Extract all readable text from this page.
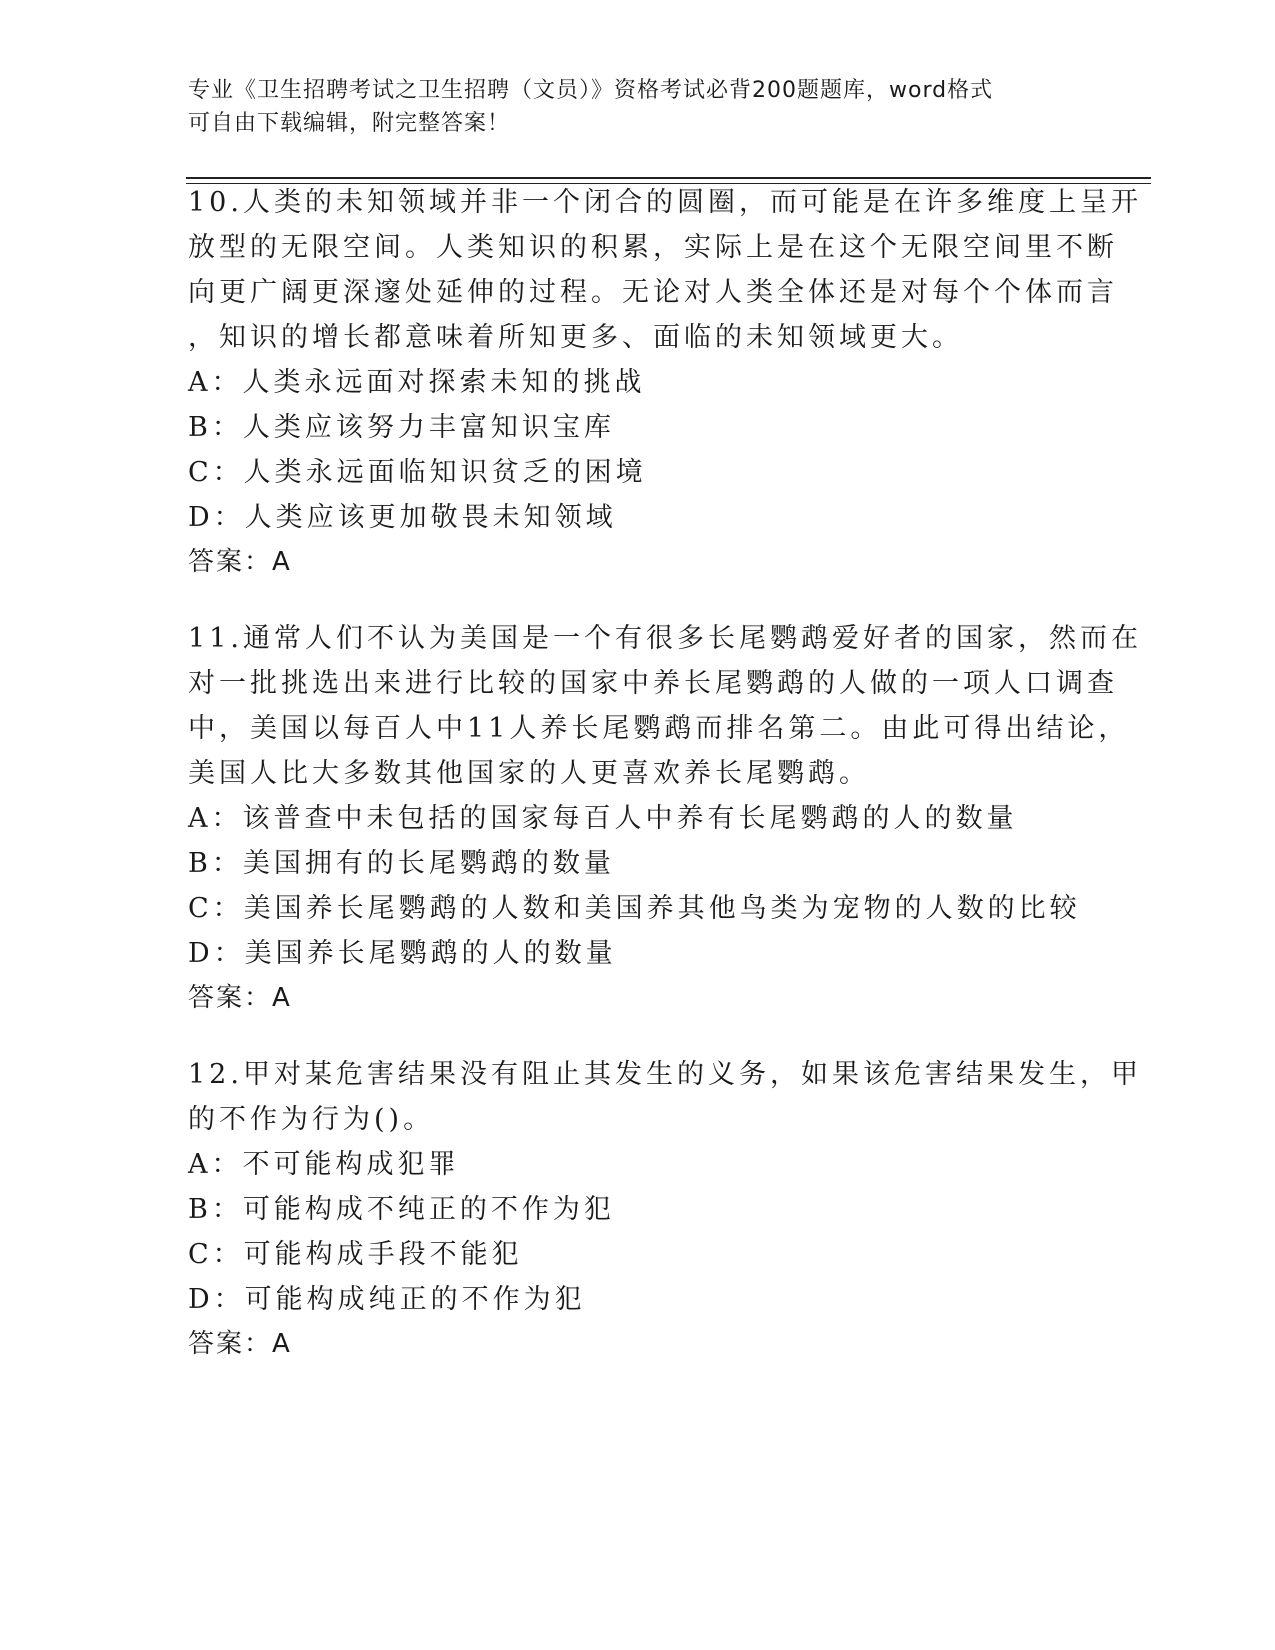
专业《卫生招聘考试之卫生招聘（文员）》资格考试必背200题题库，word格式
可自由下载编辑，附完整答案！
10.人类的未知领域并非一个闭合的圆圈，而可能是在许多维度上呈开
放型的无限空间。人类知识的积累，实际上是在这个无限空间里不断
向更广阔更深邃处延伸的过程。无论对人类全体还是对每个个体而言
，知识的增长都意味着所知更多、面临的未知领域更大。
A：人类永远面对探索未知的挑战
B：人类应该努力丰富知识宝库
C：人类永远面临知识贫乏的困境
D：人类应该更加敬畏未知领域
答案：A
11.通常人们不认为美国是一个有很多长尾鹦鹉爱好者的国家，然而在
对一批挑选出来进行比较的国家中养长尾鹦鹉的人做的一项人口调查
中，美国以每百人中11人养长尾鹦鹉而排名第二。由此可得出结论，
美国人比大多数其他国家的人更喜欢养长尾鹦鹉。
A：该普查中未包括的国家每百人中养有长尾鹦鹉的人的数量
B：美国拥有的长尾鹦鹉的数量
C：美国养长尾鹦鹉的人数和美国养其他鸟类为宠物的人数的比较
D：美国养长尾鹦鹉的人的数量
答案：A
12.甲对某危害结果没有阻止其发生的义务，如果该危害结果发生，甲
的不作为行为()。
A：不可能构成犯罪
B：可能构成不纯正的不作为犯
C：可能构成手段不能犯
D：可能构成纯正的不作为犯
答案：A
